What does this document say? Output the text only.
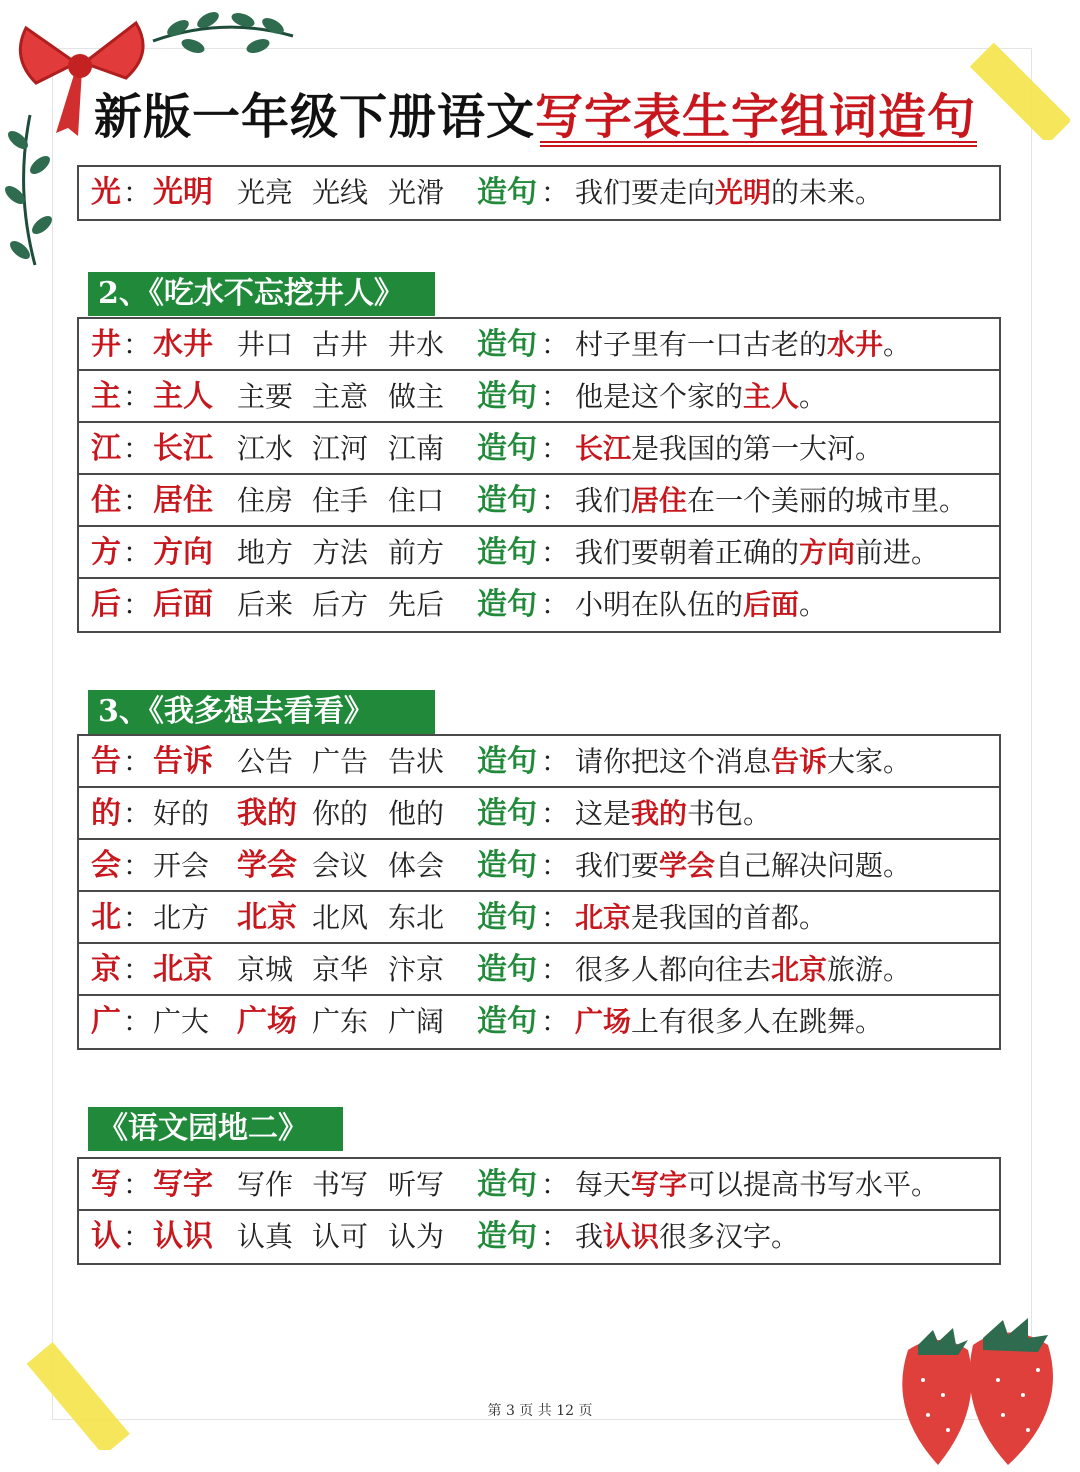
新版一年级下册语文写字表生字组词造句
光 ： 光明 光亮 光线 光滑 造句 ： 我们要走向光明的未来。
2、《吃水不忘挖井人》
井 ： 水井 井口 古井 井水 造句 ： 村子里有一口古老的水井。
主 ： 主人 主要 主意 做主 造句 ： 他是这个家的主人。
江 ： 长江 江水 江河 江南 造句 ： 长江是我国的第一大河。
住 ： 居住 住房 住手 住口 造句 ： 我们居住在一个美丽的城市里。
方 ： 方向 地方 方法 前方 造句 ： 我们要朝着正确的方向前进。
后 ： 后面 后来 后方 先后 造句 ： 小明在队伍的后面。
3、《我多想去看看》
告 ： 告诉 公告 广告 告状 造句 ： 请你把这个消息告诉大家。
的 ： 好的 我的 你的 他的 造句 ： 这是我的书包。
会 ： 开会 学会 会议 体会 造句 ： 我们要学会自己解决问题。
北 ： 北方 北京 北风 东北 造句 ： 北京是我国的首都。
京 ： 北京 京城 京华 汴京 造句 ： 很多人都向往去北京旅游。
广 ： 广大 广场 广东 广阔 造句 ： 广场上有很多人在跳舞。
《语文园地二》
写 ： 写字 写作 书写 听写 造句 ： 每天写字可以提高书写水平。
认 ： 认识 认真 认可 认为 造句 ： 我认识很多汉字。
第 3 页 共 12 页
